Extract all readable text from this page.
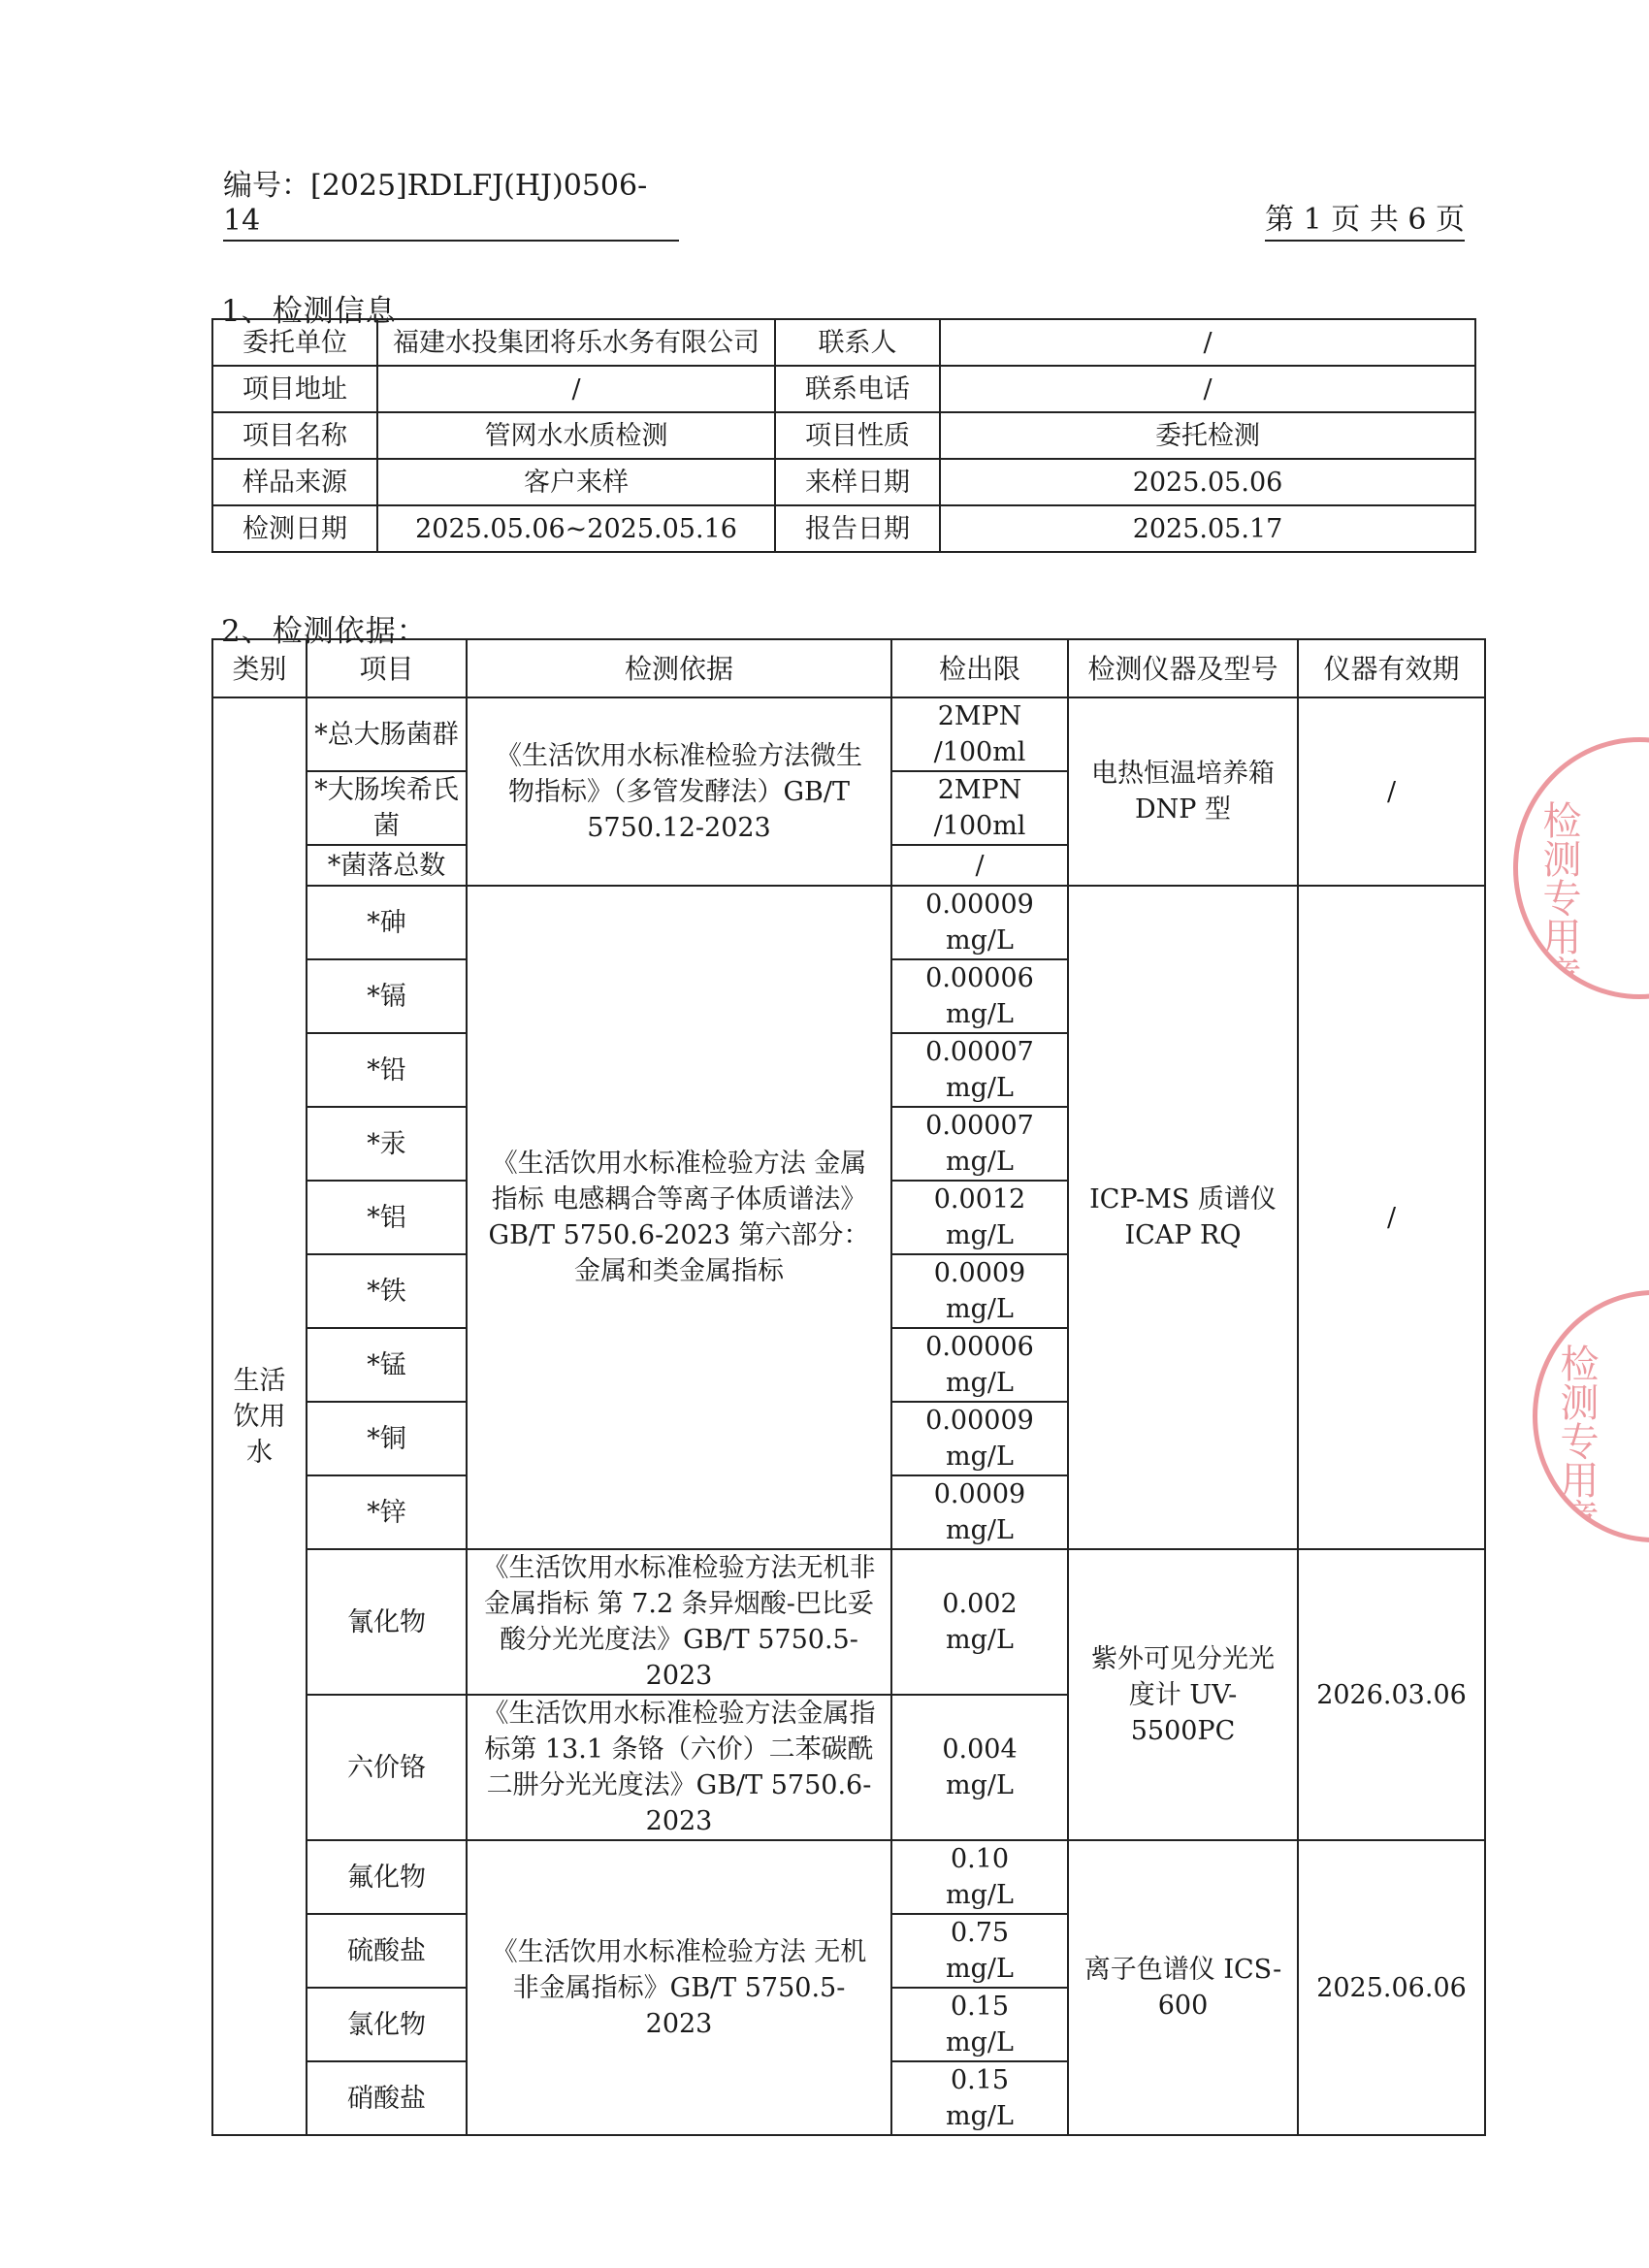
编号：[2025]RDLFJ(HJ)0506-14	第 1 页 共 6 页
1、检测信息
委托单位	福建水投集团将乐水务有限公司	联系人	/
项目地址	/	联系电话	/
项目名称	管网水水质检测	项目性质	委托检测
样品来源	客户来样	来样日期	2025.05.06
检测日期	2025.05.06~2025.05.16	报告日期	2025.05.17
2、检测依据：
类别	项目	检测依据	检出限	检测仪器及型号	仪器有效期
生活饮用水	*总大肠菌群	《生活饮用水标准检验方法微生物指标》（多管发酵法）GB/T 5750.12-2023	2MPN /100ml	电热恒温培养箱 DNP 型	/
	*大肠埃希氏菌		2MPN /100ml		
	*菌落总数		/		
	*砷	《生活饮用水标准检验方法 金属指标 电感耦合等离子体质谱法》GB/T 5750.6-2023 第六部分：金属和类金属指标	0.00009 mg/L	ICP-MS 质谱仪 ICAP RQ	/
	*镉		0.00006 mg/L		
	*铅		0.00007 mg/L		
	*汞		0.00007 mg/L		
	*铝		0.0012 mg/L		
	*铁		0.0009 mg/L		
	*锰		0.00006 mg/L		
	*铜		0.00009 mg/L		
	*锌		0.0009 mg/L		
	氰化物	《生活饮用水标准检验方法无机非金属指标 第 7.2 条异烟酸-巴比妥酸分光光度法》GB/T 5750.5-2023	0.002 mg/L	紫外可见分光光度计 UV-5500PC	2026.03.06
	六价铬	《生活饮用水标准检验方法金属指标第 13.1 条铬（六价）二苯碳酰二肼分光光度法》GB/T 5750.6-2023	0.004 mg/L		
	氟化物	《生活饮用水标准检验方法 无机非金属指标》GB/T 5750.5-2023	0.10 mg/L	离子色谱仪 ICS-600	2025.06.06
	硫酸盐		0.75 mg/L		
	氯化物		0.15 mg/L		
	硝酸盐		0.15 mg/L		
检测专用章
检测专用章
